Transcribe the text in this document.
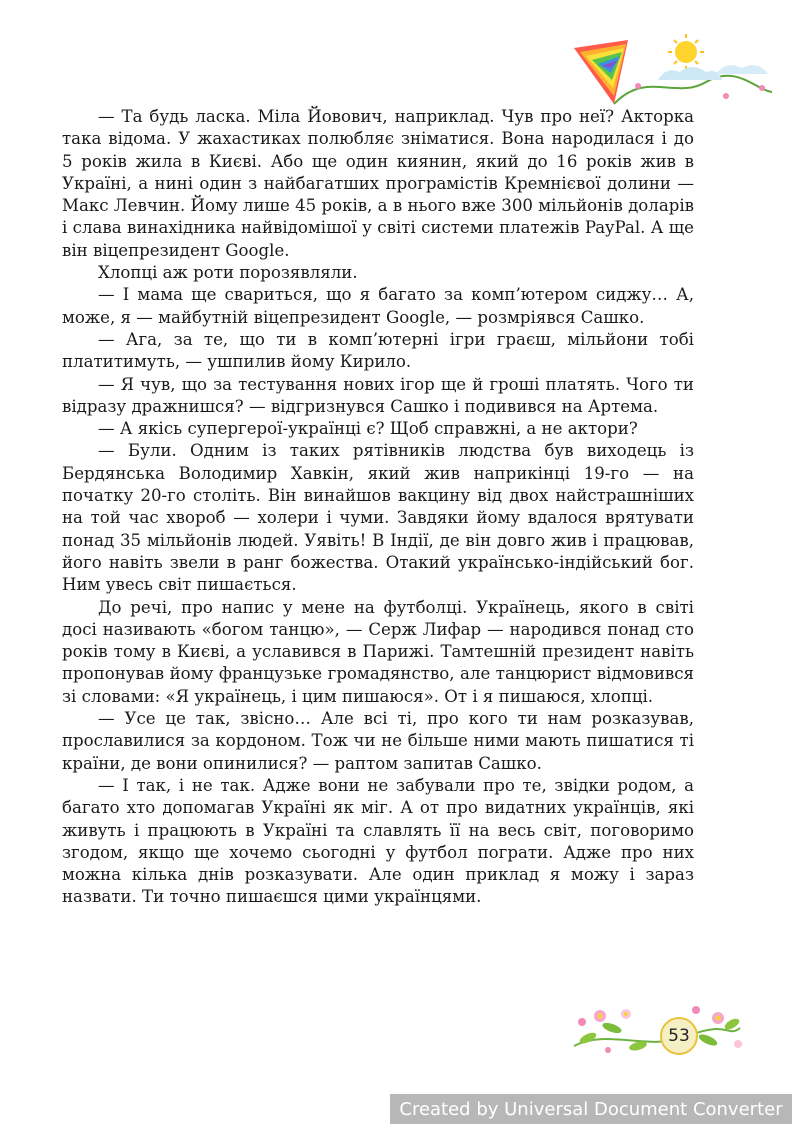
— Та будь ласка. Міла Йовович, наприклад. Чув про неї? Акторка така відома. У жахастиках полюбляє зніматися. Вона народилася і до 5 років жила в Києві. Або ще один киянин, який до 16 років жив в Україні, а нині один з найбагатших програмістів Кремнієвої долини — Макс Левчин. Йому лише 45 років, а в нього вже 300 мільйонів доларів і слава винахідника найвідомішої у світі системи платежів PayPal. А ще він віцепрезидент Google.

Хлопці аж роти порозявляли.

— І мама ще свариться, що я багато за комп’ютером сиджу… А, може, я — майбутній віцепрезидент Google, — розмріявся Сашко.

— Ага, за те, що ти в комп’ютерні ігри граєш, мільйони тобі платитимуть, — ушпилив йому Кирило.

— Я чув, що за тестування нових ігор ще й гроші платять. Чого ти відразу дражнишся? — відгризнувся Сашко і подивився на Артема.

— А якісь супергерої-українці є? Щоб справжні, а не актори?

— Були. Одним із таких рятівників людства був виходець із Бердянська Володимир Хавкін, який жив наприкінці 19-го — на початку 20-го століть. Він винайшов вакцину від двох найстрашніших на той час хвороб — холери і чуми. Завдяки йому вдалося врятувати понад 35 мільйонів людей. Уявіть! В Індії, де він довго жив і працював, його навіть звели в ранг божества. Отакий українсько-індійський бог. Ним увесь світ пишається.

До речі, про напис у мене на футболці. Українець, якого в світі досі називають «богом танцю», — Серж Лифар — народився понад сто років тому в Києві, а уславився в Парижі. Тамтешній президент навіть пропонував йому французьке громадянство, але танцюрист відмовився зі словами: «Я українець, і цим пишаюся». От і я пишаюся, хлопці.

— Усе це так, звісно… Але всі ті, про кого ти нам розказував, прославилися за кордоном. Тож чи не більше ними мають пишатися ті країни, де вони опинилися? — раптом запитав Сашко.

— І так, і не так. Адже вони не забували про те, звідки родом, а багато хто допомагав Україні як міг. А от про видатних українців, які живуть і працюють в Україні та славлять її на весь світ, поговоримо згодом, якщо ще хочемо сьогодні у футбол пограти. Адже про них можна кілька днів розказувати. Але один приклад я можу і зараз назвати. Ти точно пишаєшся цими українцями.

53
Created by Universal Document Converter
